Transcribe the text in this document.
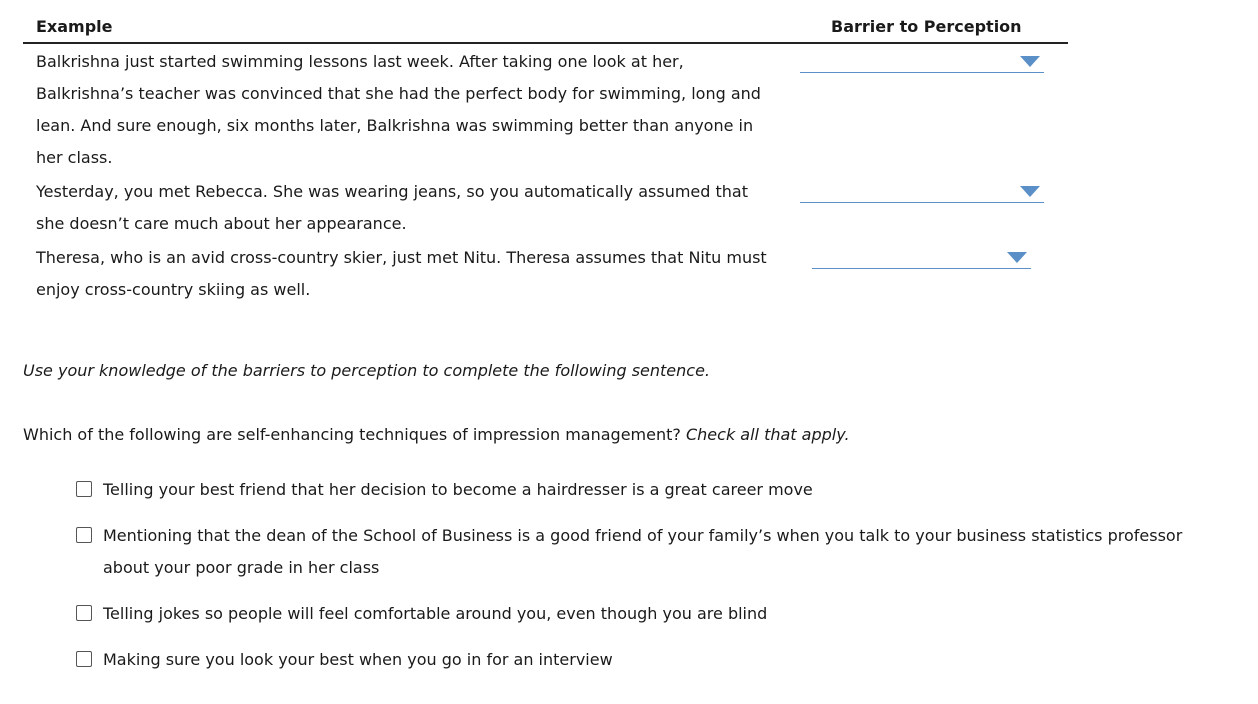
Example	Barrier to Perception
Balkrishna just started swimming lessons last week. After taking one look at her, Balkrishna’s teacher was convinced that she had the perfect body for swimming, long and lean. And sure enough, six months later, Balkrishna was swimming better than anyone in her class.
Yesterday, you met Rebecca. She was wearing jeans, so you automatically assumed that she doesn’t care much about her appearance.
Theresa, who is an avid cross-country skier, just met Nitu. Theresa assumes that Nitu must enjoy cross-country skiing as well.
Use your knowledge of the barriers to perception to complete the following sentence.
Which of the following are self-enhancing techniques of impression management? Check all that apply.
Telling your best friend that her decision to become a hairdresser is a great career move
Mentioning that the dean of the School of Business is a good friend of your family’s when you talk to your business statistics professor about your poor grade in her class
Telling jokes so people will feel comfortable around you, even though you are blind
Making sure you look your best when you go in for an interview
